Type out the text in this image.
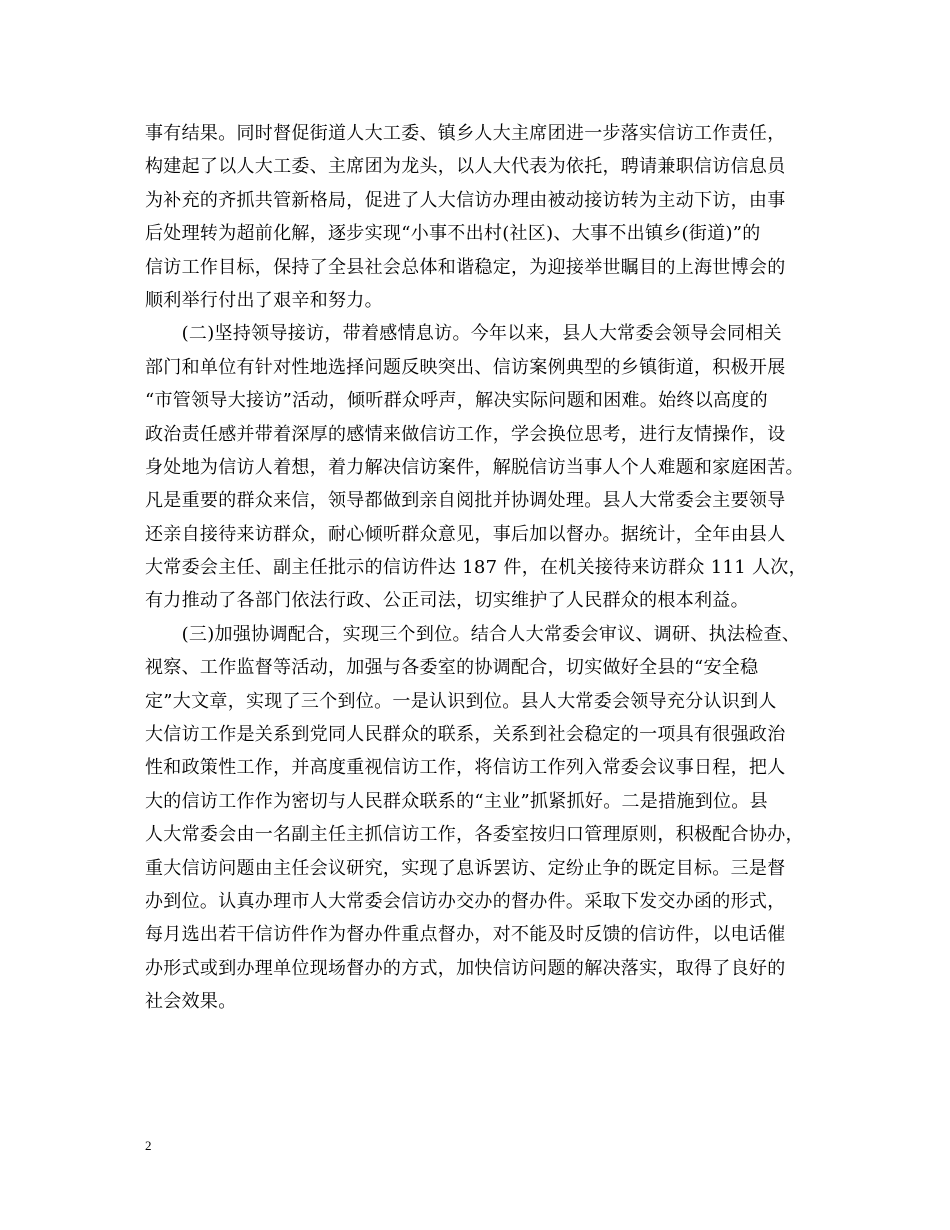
事有结果。同时督促街道人大工委、镇乡人大主席团进一步落实信访工作责任，
构建起了以人大工委、主席团为龙头，以人大代表为依托，聘请兼职信访信息员
为补充的齐抓共管新格局，促进了人大信访办理由被动接访转为主动下访，由事
后处理转为超前化解，逐步实现“小事不出村(社区)、大事不出镇乡(街道)”的
信访工作目标，保持了全县社会总体和谐稳定，为迎接举世瞩目的上海世博会的
顺利举行付出了艰辛和努力。
　　(二)坚持领导接访，带着感情息访。今年以来，县人大常委会领导会同相关
部门和单位有针对性地选择问题反映突出、信访案例典型的乡镇街道，积极开展
“市管领导大接访”活动，倾听群众呼声，解决实际问题和困难。始终以高度的
政治责任感并带着深厚的感情来做信访工作，学会换位思考，进行友情操作，设
身处地为信访人着想，着力解决信访案件，解脱信访当事人个人难题和家庭困苦。
凡是重要的群众来信，领导都做到亲自阅批并协调处理。县人大常委会主要领导
还亲自接待来访群众，耐心倾听群众意见，事后加以督办。据统计，全年由县人
大常委会主任、副主任批示的信访件达 187 件，在机关接待来访群众 111 人次，
有力推动了各部门依法行政、公正司法，切实维护了人民群众的根本利益。
　　(三)加强协调配合，实现三个到位。结合人大常委会审议、调研、执法检查、
视察、工作监督等活动，加强与各委室的协调配合，切实做好全县的“安全稳
定”大文章，实现了三个到位。一是认识到位。县人大常委会领导充分认识到人
大信访工作是关系到党同人民群众的联系，关系到社会稳定的一项具有很强政治
性和政策性工作，并高度重视信访工作，将信访工作列入常委会议事日程，把人
大的信访工作作为密切与人民群众联系的“主业”抓紧抓好。二是措施到位。县
人大常委会由一名副主任主抓信访工作，各委室按归口管理原则，积极配合协办，
重大信访问题由主任会议研究，实现了息诉罢访、定纷止争的既定目标。三是督
办到位。认真办理市人大常委会信访办交办的督办件。采取下发交办函的形式，
每月选出若干信访件作为督办件重点督办，对不能及时反馈的信访件，以电话催
办形式或到办理单位现场督办的方式，加快信访问题的解决落实，取得了良好的
社会效果。
2
